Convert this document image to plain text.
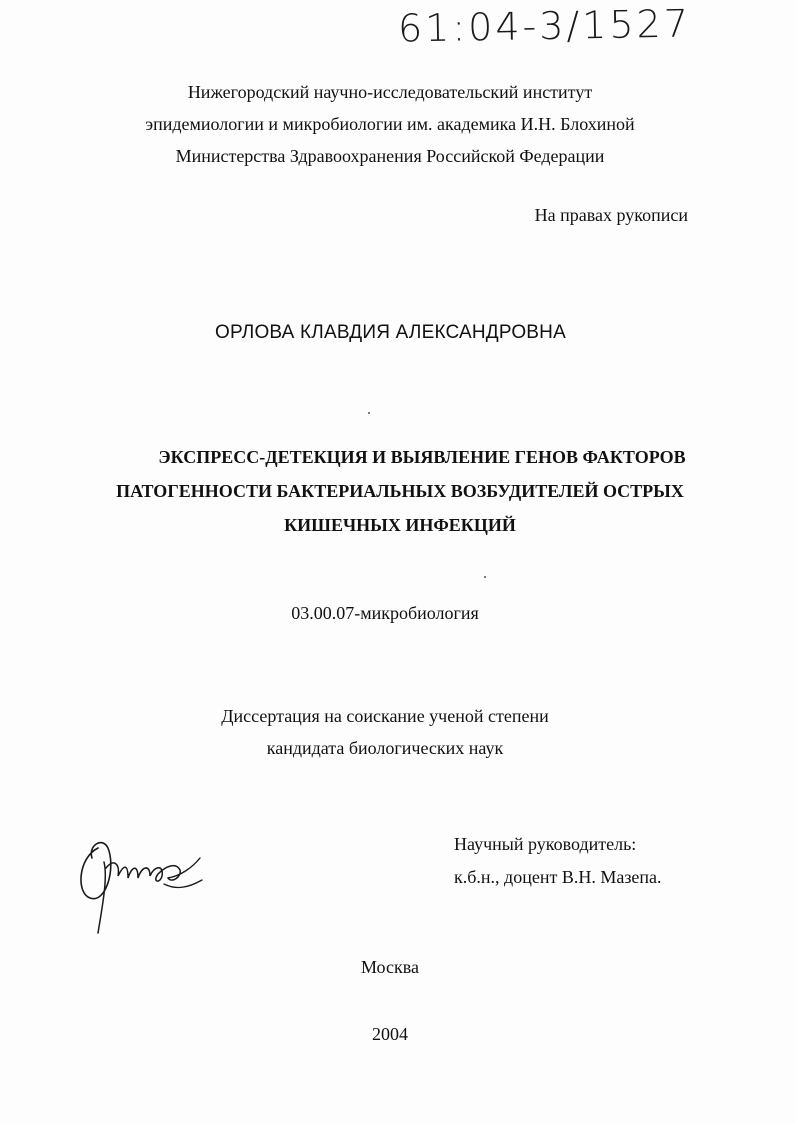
61:04-3/1527
Нижегородский научно-исследовательский институт
эпидемиологии и микробиологии им. академика И.Н. Блохиной
Министерства Здравоохранения Российской Федерации
На правах рукописи
ОРЛОВА КЛАВДИЯ АЛЕКСАНДРОВНА
ЭКСПРЕСС-ДЕТЕКЦИЯ И ВЫЯВЛЕНИЕ ГЕНОВ ФАКТОРОВ
ПАТОГЕННОСТИ БАКТЕРИАЛЬНЫХ ВОЗБУДИТЕЛЕЙ ОСТРЫХ
КИШЕЧНЫХ ИНФЕКЦИЙ
03.00.07-микробиология
Диссертация на соискание ученой степени
кандидата биологических наук
Научный руководитель:
к.б.н., доцент В.Н. Мазепа.
Москва
2004
